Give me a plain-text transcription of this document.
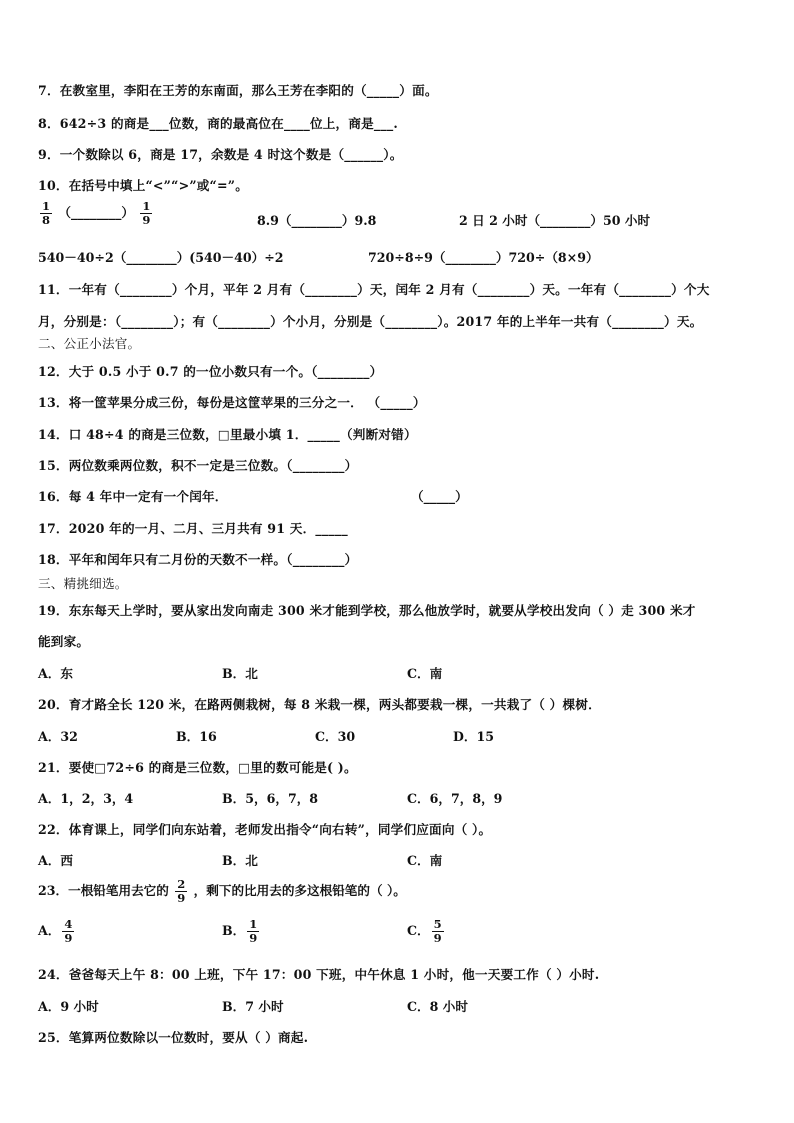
7．在教室里，李阳在王芳的东南面，那么王芳在李阳的（_____）面。
8．642÷3 的商是___位数，商的最高位在____位上，商是___.
9．一个数除以 6，商是 17，余数是 4 时这个数是（______）。
10．在括号中填上“<”“>”或“=”。
$\frac{1}{8}$ （________） $\frac{1}{9}$	8.9（________）9.8	2 日 2 小时（________）50 小时
540－40÷2（________）(540－40）÷2	720÷8÷9（________）720÷（8×9）
11．一年有（________）个月，平年 2 月有（________）天，闰年 2 月有（________）天。一年有（________）个大
月，分别是：（________）；有（________）个小月，分别是（________）。2017 年的上半年一共有（________）天。
二、公正小法官。
12．大于 0.5 小于 0.7 的一位小数只有一个。（________）
13．将一筐苹果分成三份，每份是这筐苹果的三分之一． （_____）
14．口 48÷4 的商是三位数，□里最小填 1．_____（判断对错）
15．两位数乘两位数，积不一定是三位数。（________）
16．每 4 年中一定有一个闰年．	（_____）
17．2020 年的一月、二月、三月共有 91 天．_____
18．平年和闰年只有二月份的天数不一样。（________）
三、精挑细选。
19．东东每天上学时，要从家出发向南走 300 米才能到学校，那么他放学时，就要从学校出发向（ ）走 300 米才
能到家。
A．东	B．北	C．南
20．育才路全长 120 米，在路两侧栽树，每 8 米栽一棵，两头都要栽一棵，一共栽了（ ）棵树．
A．32	B．16	C．30	D．15
21．要使□72÷6 的商是三位数，□里的数可能是( )。
A．1，2，3，4	B．5，6，7，8	C．6，7，8，9
22．体育课上，同学们向东站着，老师发出指令“向右转”，同学们应面向（ ）。
A．西	B．北	C．南
23．一根铅笔用去它的 $\frac{2}{9}$ ，剩下的比用去的多这根铅笔的（ ）。
A． $\frac{4}{9}$	B． $\frac{1}{9}$	C． $\frac{5}{9}$
24．爸爸每天上午 8：00 上班，下午 17：00 下班，中午休息 1 小时，他一天要工作（ ）小时.
A．9 小时	B．7 小时	C．8 小时
25．笔算两位数除以一位数时，要从（ ）商起.
